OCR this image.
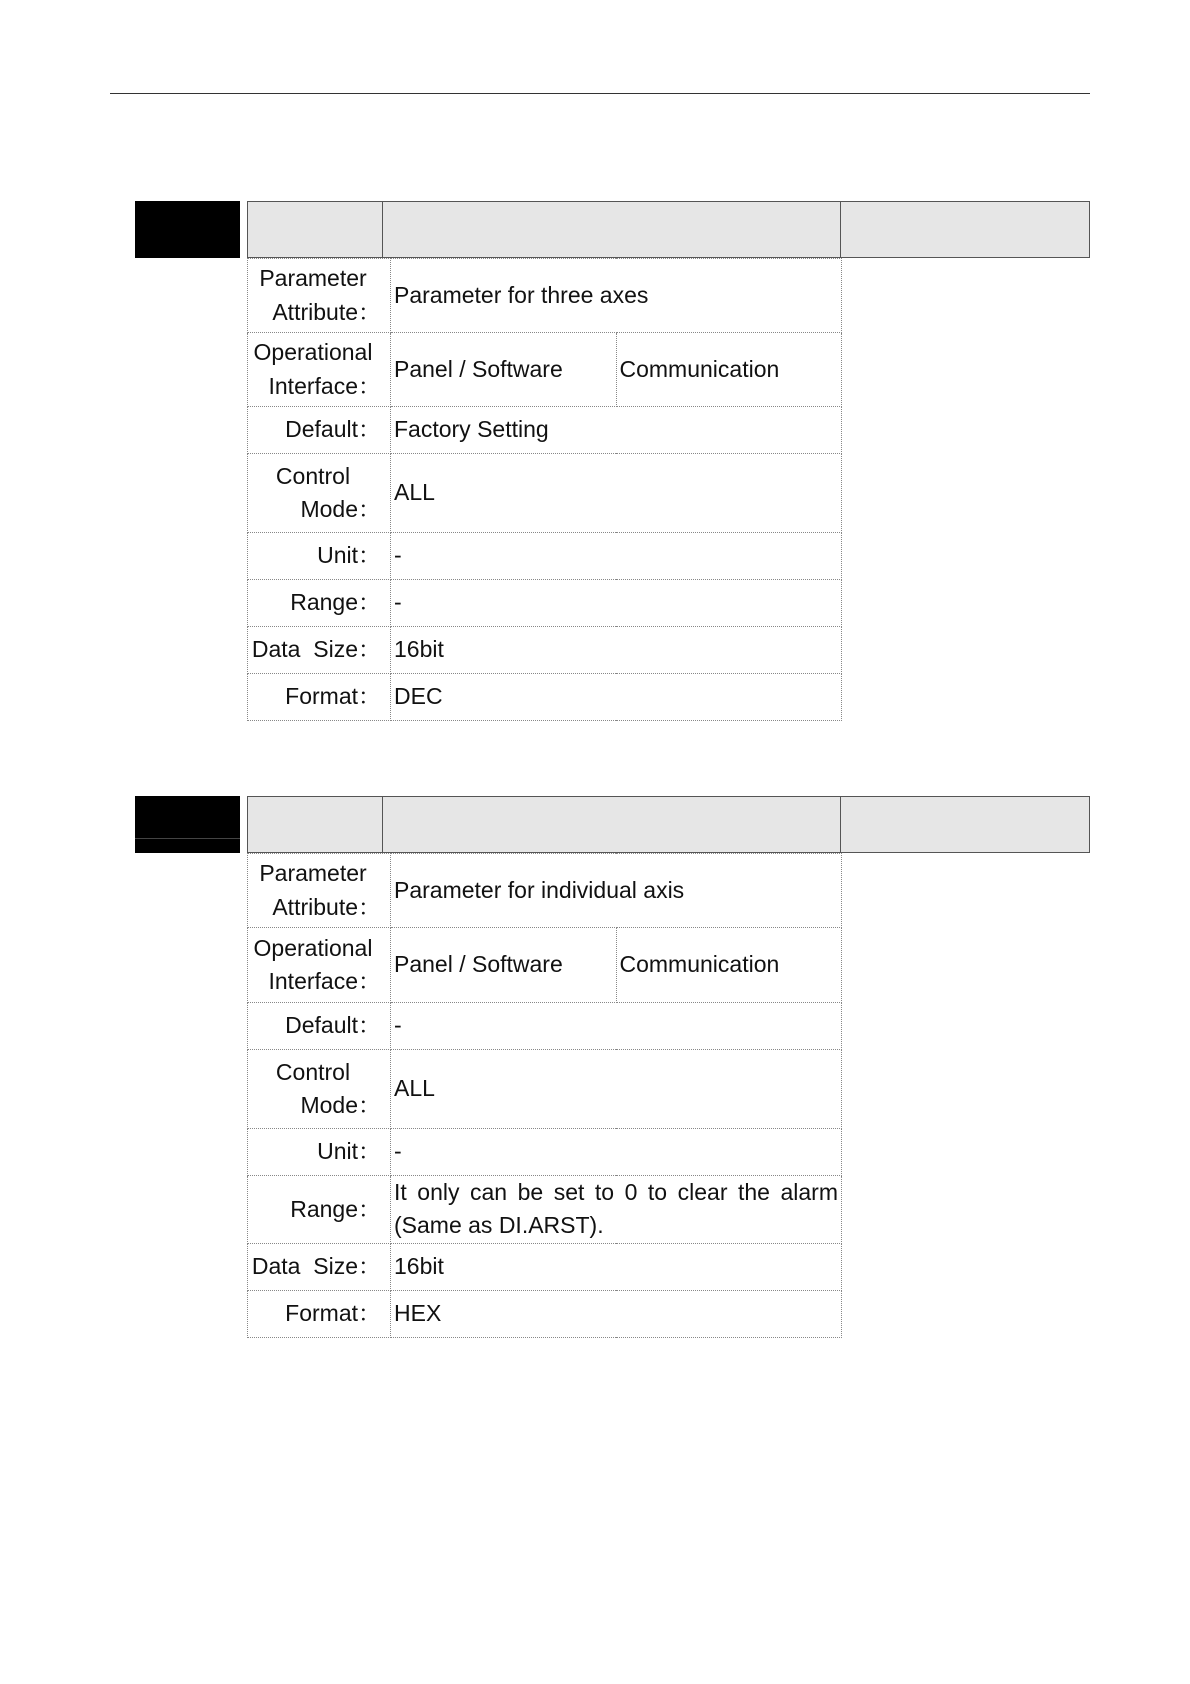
Parameter
Attribute：	Parameter for three axes	

Operational
Interface：	Panel / Software	Communication
Default：	Factory Setting	

Control
Mode：	ALL	
Unit：	-	
Range：	-	
Data  Size：	16bit	
Format：	DEC	
Parameter
Attribute：	Parameter for individual axis	

Operational
Interface：	Panel / Software	Communication
Default：	-	

Control
Mode：	ALL	
Unit：	-	
Range：	It only can be set to 0 to clear the alarm (Same as DI.ARST).	
Data  Size：	16bit	
Format：	HEX	
